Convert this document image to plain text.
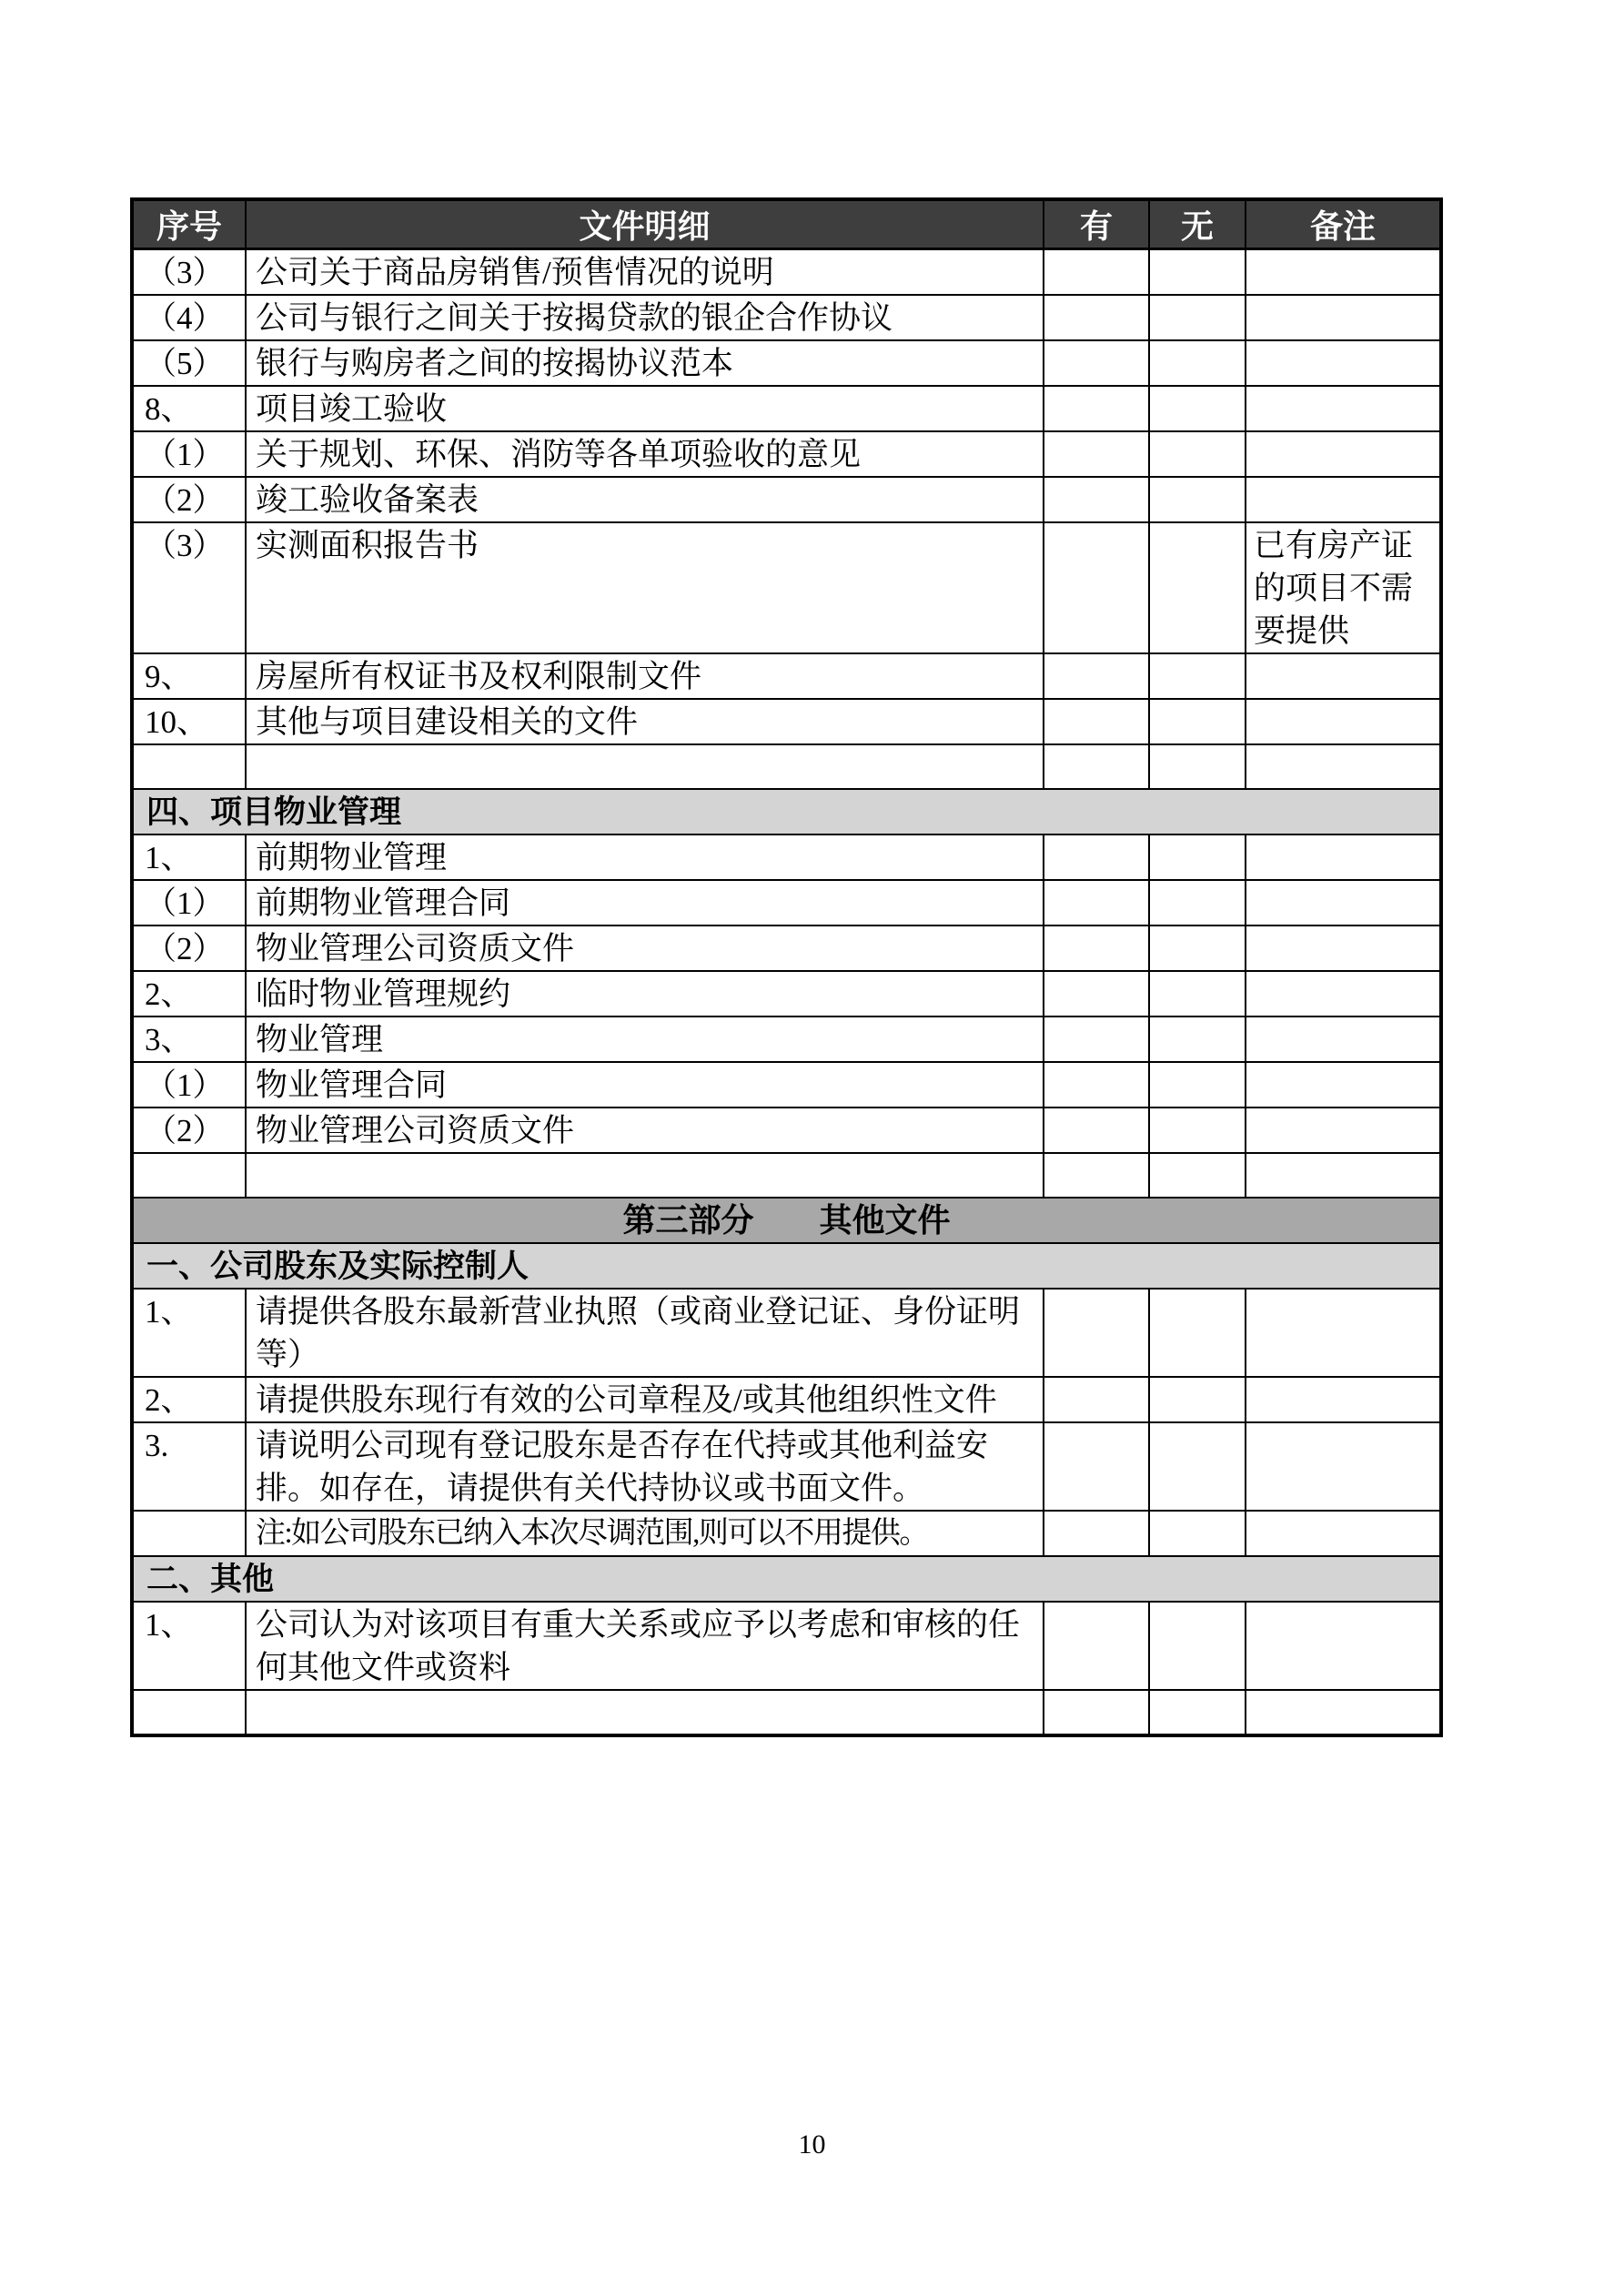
序号	文件明细	有	无	备注
（3）	公司关于商品房销售/预售情况的说明			
（4）	公司与银行之间关于按揭贷款的银企合作协议			
（5）	银行与购房者之间的按揭协议范本			
8、	项目竣工验收			
（1）	关于规划、环保、消防等各单项验收的意见			
（2）	竣工验收备案表			
（3）	实测面积报告书			已有房产证的项目不需要提供
9、	房屋所有权证书及权利限制文件			
10、	其他与项目建设相关的文件			

四、项目物业管理				
1、	前期物业管理			
（1）	前期物业管理合同			
（2）	物业管理公司资质文件			
2、	临时物业管理规约			
3、	物业管理			
（1）	物业管理合同			
（2）	物业管理公司资质文件			

第三部分　　其他文件				
一、公司股东及实际控制人				
1、	请提供各股东最新营业执照（或商业登记证、身份证明等）			
2、	请提供股东现行有效的公司章程及/或其他组织性文件			
3.	请说明公司现有登记股东是否存在代持或其他利益安排。如存在，请提供有关代持协议或书面文件。			
	注:如公司股东已纳入本次尽调范围,则可以不用提供。			
二、其他				
1、	公司认为对该项目有重大关系或应予以考虑和审核的任何其他文件或资料			

10
